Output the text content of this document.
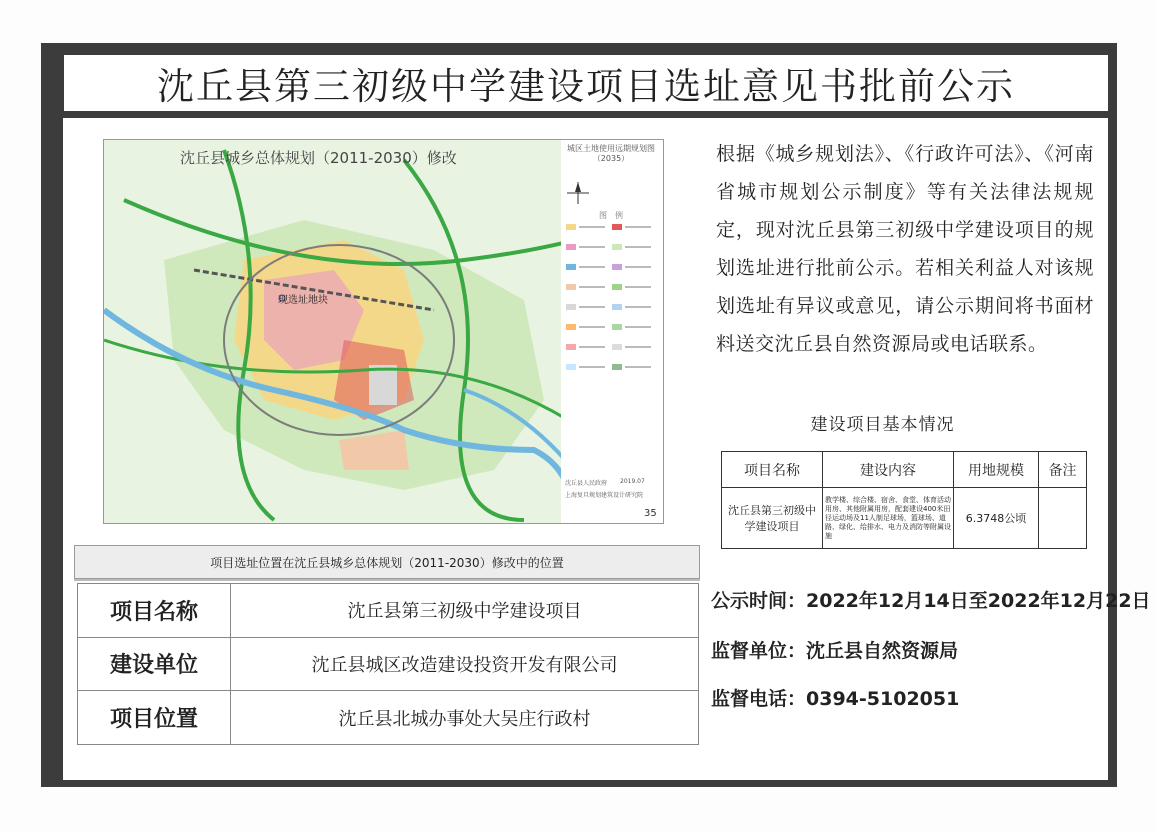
沈丘县第三初级中学建设项目选址意见书批前公示
沈丘县城乡总体规划（2011-2030）修改
城区土地使用远期规划图（2035）
图　例
现选址地块
沈丘县人民政府 2019.07
上海复旦规划建筑设计研究院
35
项目选址位置在沈丘县城乡总体规划（2011-2030）修改中的位置
项目名称	沈丘县第三初级中学建设项目
建设单位	沈丘县城区改造建设投资开发有限公司
项目位置	沈丘县北城办事处大吴庄行政村
根据《城乡规划法》、《行政许可法》、《河南省城市规划公示制度》等有关法律法规规定，现对沈丘县第三初级中学建设项目的规划选址进行批前公示。若相关利益人对该规划选址有异议或意见，请公示期间将书面材料送交沈丘县自然资源局或电话联系。
建设项目基本情况
项目名称	建设内容	用地规模	备注
沈丘县第三初级中学建设项目	教学楼、综合楼、宿舍、食堂、体育活动用房、其他附属用房，配套建设400米田径运动场及11人制足球场，篮球场、道路、绿化、给排水、电力及消防等附属设施	6.3748公顷	
公示时间：2022年12月14日至2022年12月22日
监督单位：沈丘县自然资源局
监督电话：0394-5102051
